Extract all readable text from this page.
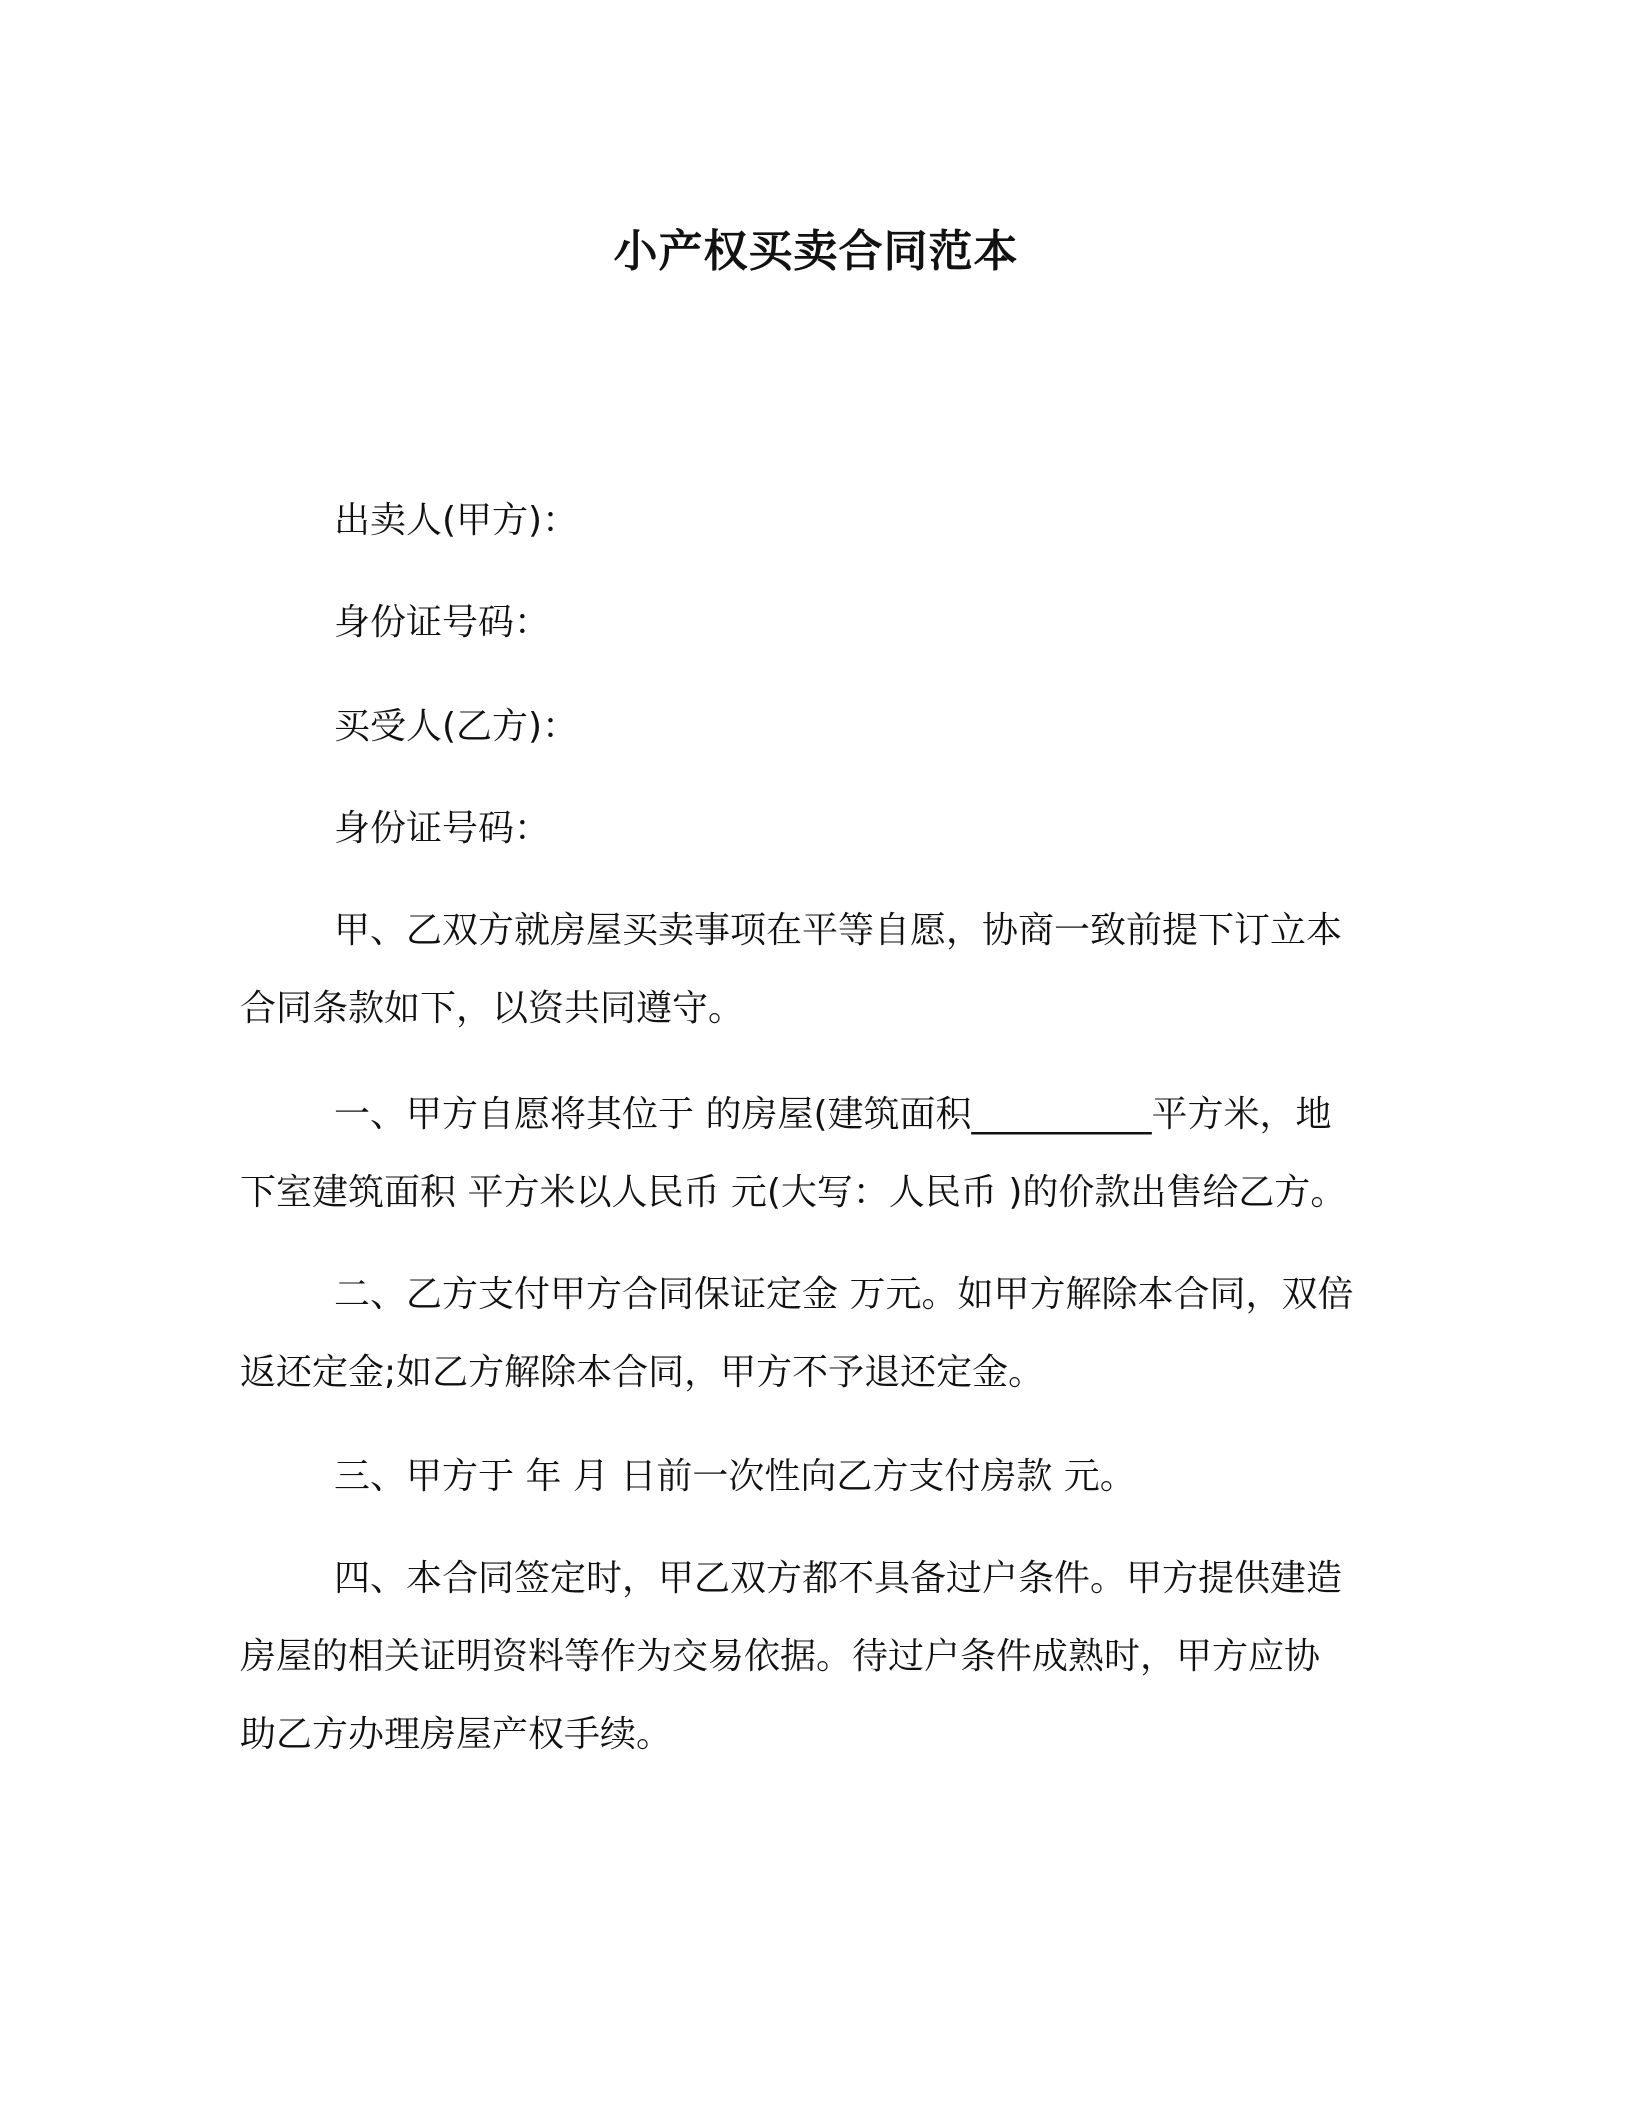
小产权买卖合同范本
出卖人(甲方)：
身份证号码：
买受人(乙方)：
身份证号码：
甲、乙双方就房屋买卖事项在平等自愿，协商一致前提下订立本
合同条款如下，以资共同遵守。
一、甲方自愿将其位于 的房屋(建筑面积__________平方米，地
下室建筑面积 平方米以人民币 元(大写：人民币 )的价款出售给乙方。
二、乙方支付甲方合同保证定金 万元。如甲方解除本合同，双倍
返还定金;如乙方解除本合同，甲方不予退还定金。
三、甲方于 年 月 日前一次性向乙方支付房款 元。
四、本合同签定时，甲乙双方都不具备过户条件。甲方提供建造
房屋的相关证明资料等作为交易依据。待过户条件成熟时，甲方应协
助乙方办理房屋产权手续。
